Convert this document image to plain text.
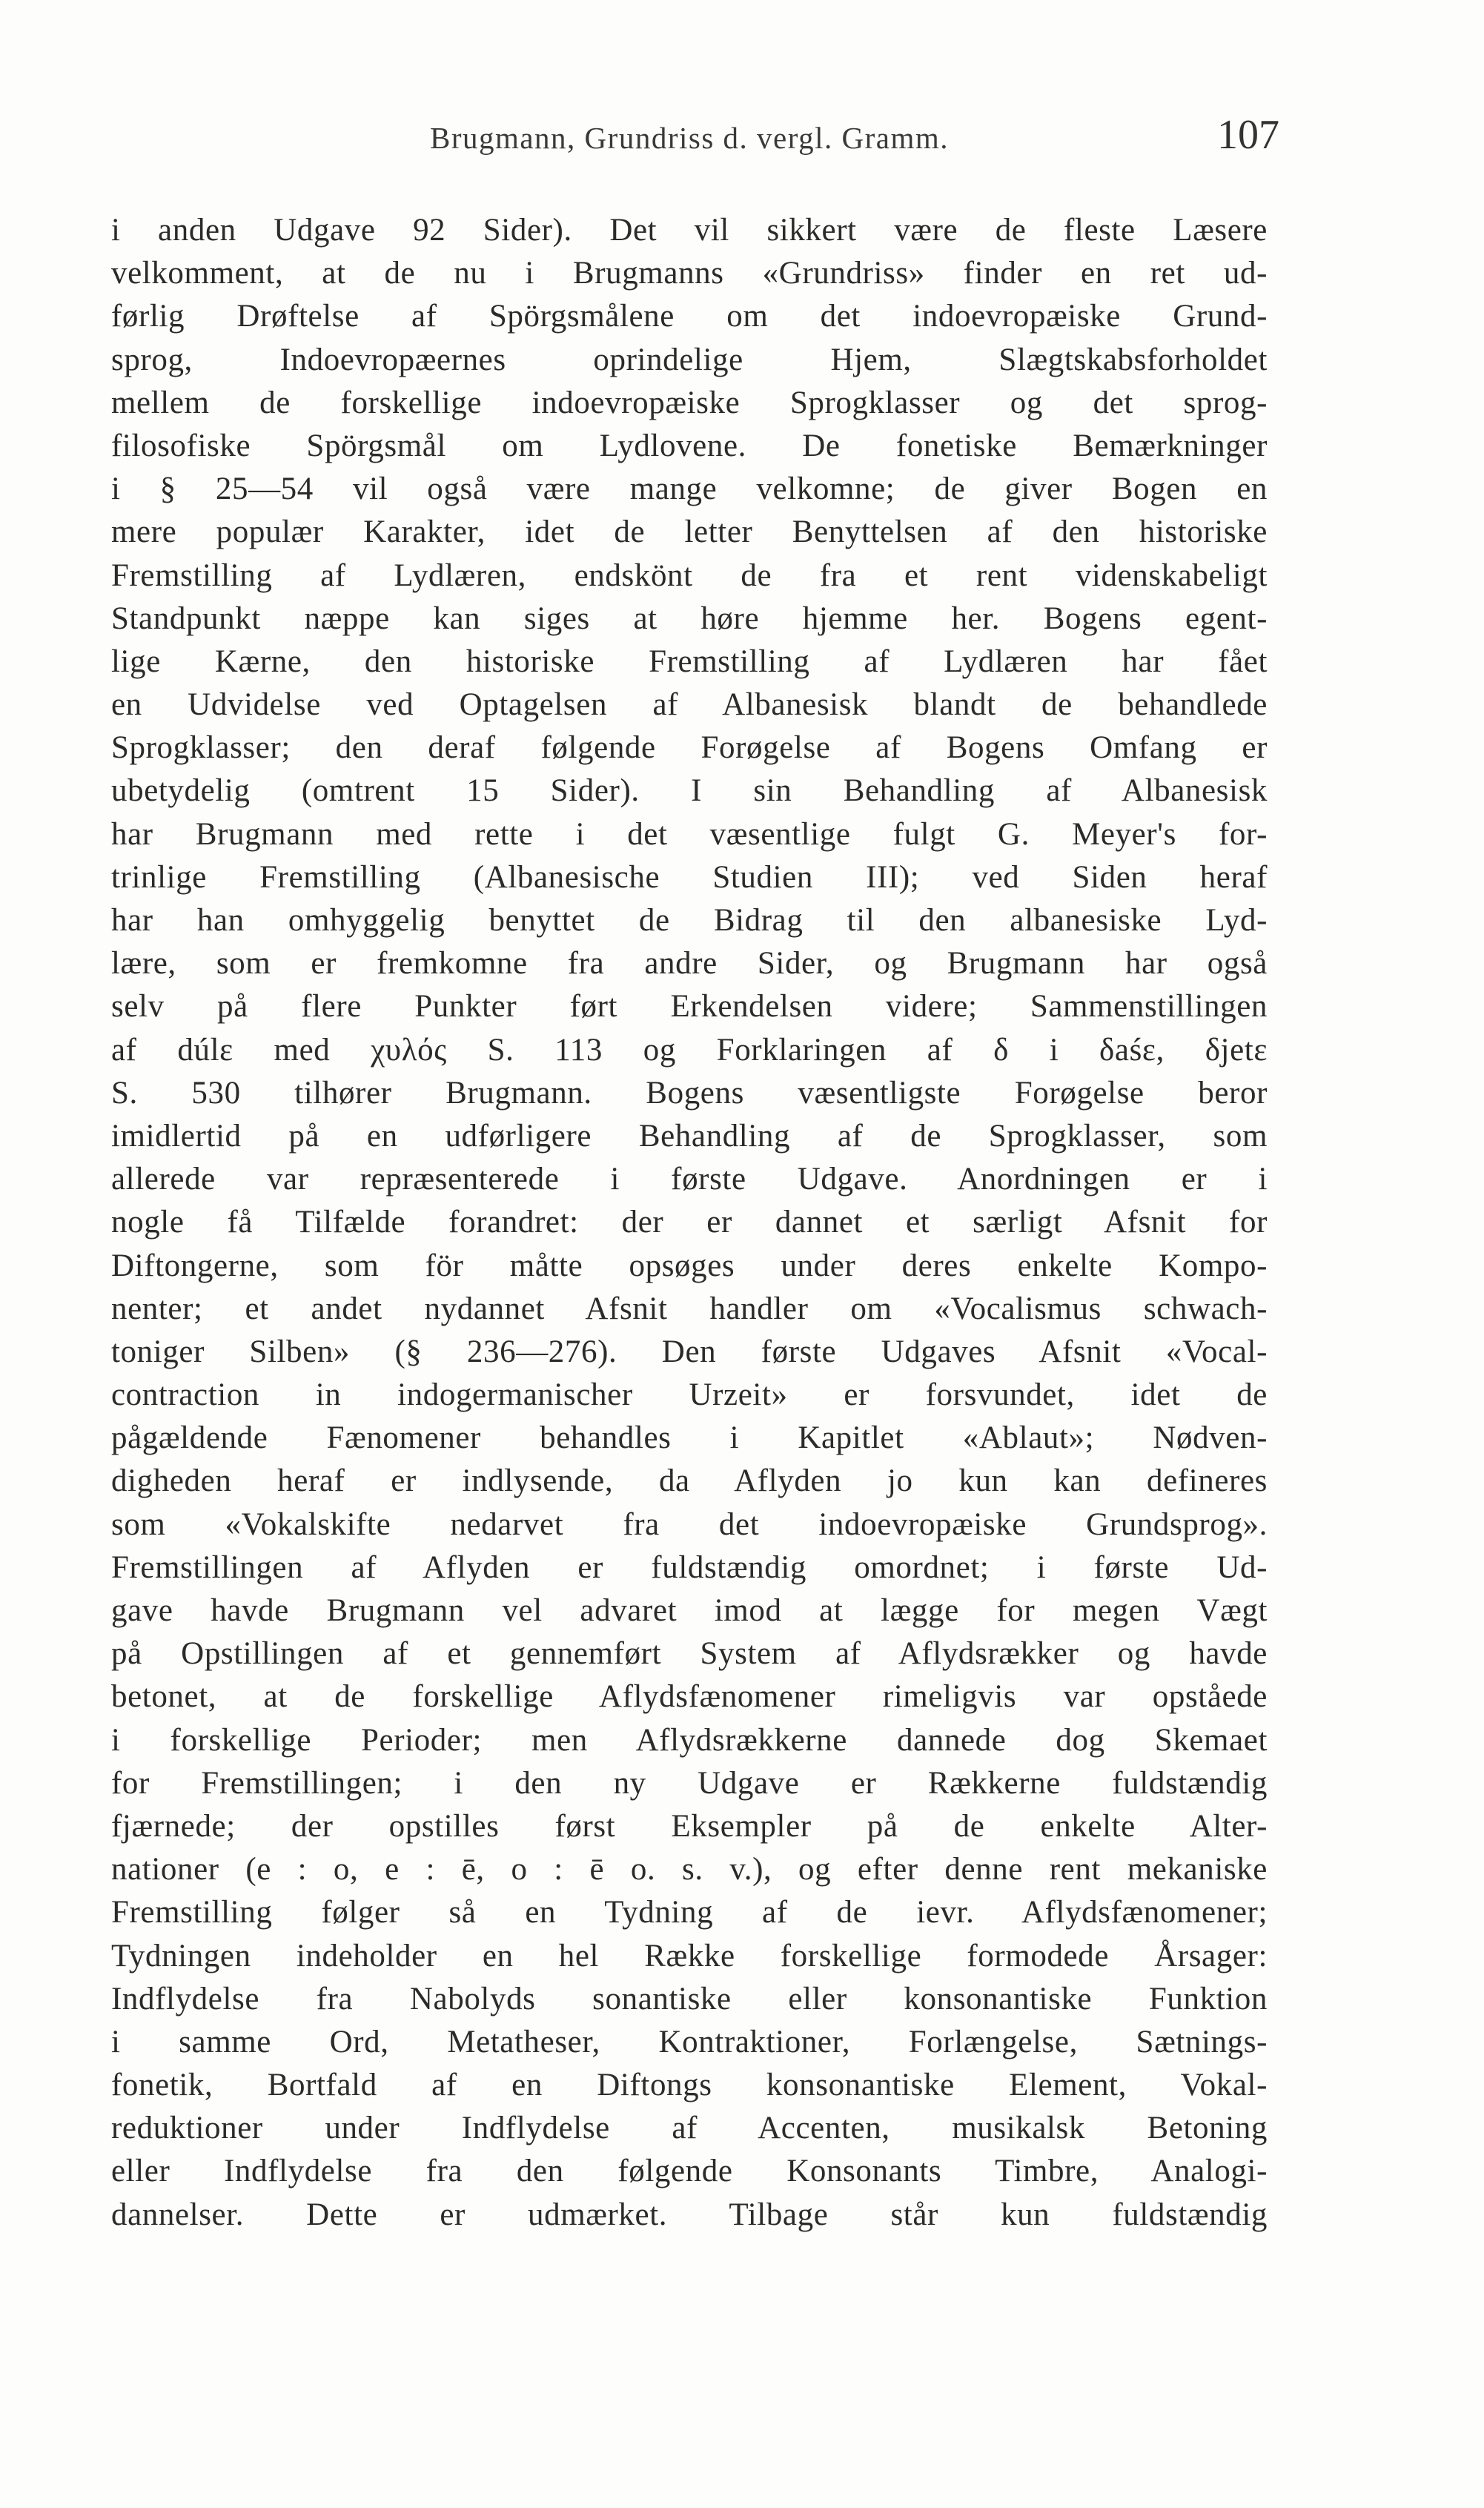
Brugmann, Grundriss d. vergl. Gramm.	107
i anden Udgave 92 Sider). Det vil sikkert være de fleste Læsere
velkomment, at de nu i Brugmanns «Grundriss» finder en ret ud-
førlig Drøftelse af Spörgsmålene om det indoevropæiske Grund-
sprog, Indoevropæernes oprindelige Hjem, Slægtskabsforholdet
mellem de forskellige indoevropæiske Sprogklasser og det sprog-
filosofiske Spörgsmål om Lydlovene. De fonetiske Bemærkninger
i § 25—54 vil også være mange velkomne; de giver Bogen en
mere populær Karakter, idet de letter Benyttelsen af den historiske
Fremstilling af Lydlæren, endskönt de fra et rent videnskabeligt
Standpunkt næppe kan siges at høre hjemme her. Bogens egent-
lige Kærne, den historiske Fremstilling af Lydlæren har fået
en Udvidelse ved Optagelsen af Albanesisk blandt de behandlede
Sprogklasser; den deraf følgende Forøgelse af Bogens Omfang er
ubetydelig (omtrent 15 Sider). I sin Behandling af Albanesisk
har Brugmann med rette i det væsentlige fulgt G. Meyer's for-
trinlige Fremstilling (Albanesische Studien III); ved Siden heraf
har han omhyggelig benyttet de Bidrag til den albanesiske Lyd-
lære, som er fremkomne fra andre Sider, og Brugmann har også
selv på flere Punkter ført Erkendelsen videre; Sammenstillingen
af dúlɛ med χυλός S. 113 og Forklaringen af δ i δaśɛ, δjetɛ
S. 530 tilhører Brugmann. Bogens væsentligste Forøgelse beror
imidlertid på en udførligere Behandling af de Sprogklasser, som
allerede var repræsenterede i første Udgave. Anordningen er i
nogle få Tilfælde forandret: der er dannet et særligt Afsnit for
Diftongerne, som för måtte opsøges under deres enkelte Kompo-
nenter; et andet nydannet Afsnit handler om «Vocalismus schwach-
toniger Silben» (§ 236—276). Den første Udgaves Afsnit «Vocal-
contraction in indogermanischer Urzeit» er forsvundet, idet de
pågældende Fænomener behandles i Kapitlet «Ablaut»; Nødven-
digheden heraf er indlysende, da Aflyden jo kun kan defineres
som «Vokalskifte nedarvet fra det indoevropæiske Grundsprog».
Fremstillingen af Aflyden er fuldstændig omordnet; i første Ud-
gave havde Brugmann vel advaret imod at lægge for megen Vægt
på Opstillingen af et gennemført System af Aflydsrækker og havde
betonet, at de forskellige Aflydsfænomener rimeligvis var opståede
i forskellige Perioder; men Aflydsrækkerne dannede dog Skemaet
for Fremstillingen; i den ny Udgave er Rækkerne fuldstændig
fjærnede; der opstilles først Eksempler på de enkelte Alter-
nationer (e : o, e : ē, o : ē o. s. v.), og efter denne rent mekaniske
Fremstilling følger så en Tydning af de ievr. Aflydsfænomener;
Tydningen indeholder en hel Række forskellige formodede Årsager:
Indflydelse fra Nabolyds sonantiske eller konsonantiske Funktion
i samme Ord, Metatheser, Kontraktioner, Forlængelse, Sætnings-
fonetik, Bortfald af en Diftongs konsonantiske Element, Vokal-
reduktioner under Indflydelse af Accenten, musikalsk Betoning
eller Indflydelse fra den følgende Konsonants Timbre, Analogi-
dannelser. Dette er udmærket. Tilbage står kun fuldstændig
